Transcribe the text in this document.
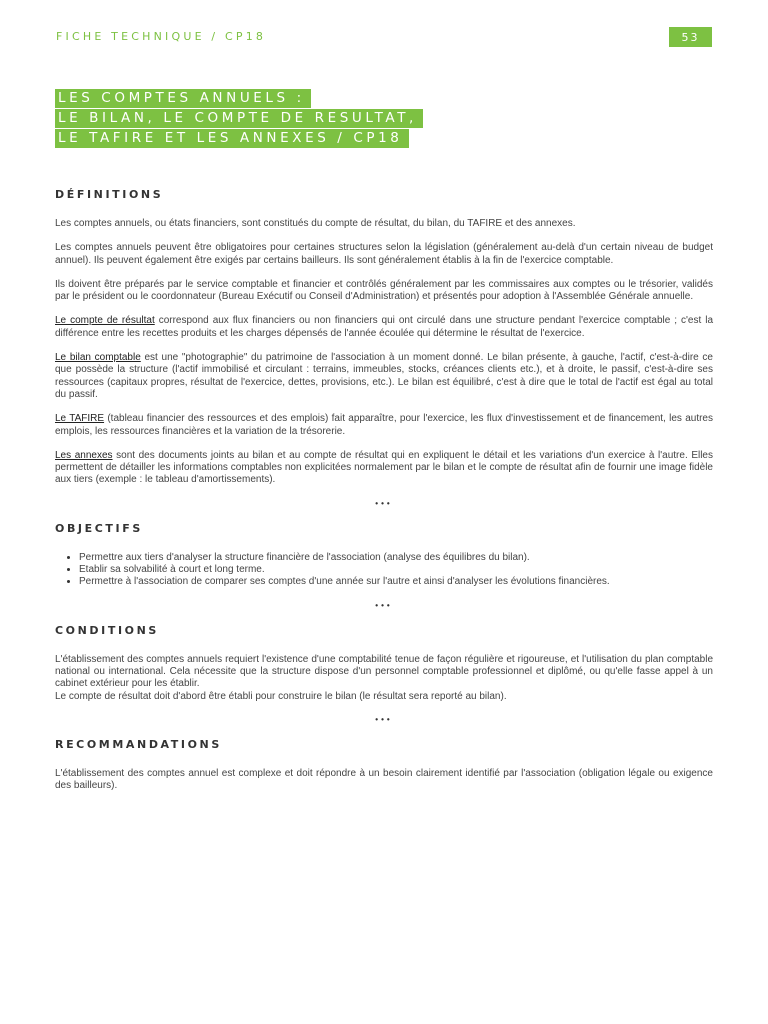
FICHE TECHNIQUE / CP18	53
LES COMPTES ANNUELS :
LE BILAN, LE COMPTE DE RESULTAT,
LE TAFIRE ET LES ANNEXES / CP18
DÉFINITIONS

Les comptes annuels, ou états financiers, sont constitués du compte de résultat, du bilan, du TAFIRE et des annexes.

Les comptes annuels peuvent être obligatoires pour certaines structures selon la législation (généralement au-delà d'un certain niveau de budget annuel). Ils peuvent également être exigés par certains bailleurs. Ils sont généralement établis à la fin de l'exercice comptable.

Ils doivent être préparés par le service comptable et financier et contrôlés généralement par les commissaires aux comptes ou le trésorier, validés par le président ou le coordonnateur (Bureau Exécutif ou Conseil d'Administration) et présentés pour adoption à l'Assemblée Générale annuelle.

Le compte de résultat correspond aux flux financiers ou non financiers qui ont circulé dans une structure pendant l'exercice comptable ; c'est la différence entre les recettes produits et les charges dépensés de l'année écoulée qui détermine le résultat de l'exercice.

Le bilan comptable est une "photographie" du patrimoine de l'association à un moment donné. Le bilan présente, à gauche, l'actif, c'est-à-dire ce que possède la structure (l'actif immobilisé et circulant : terrains, immeubles, stocks, créances clients etc.), et à droite, le passif, c'est-à-dire ses ressources (capitaux propres, résultat de l'exercice, dettes, provisions, etc.). Le bilan est équilibré, c'est à dire que le total de l'actif est égal au total du passif.

Le TAFIRE (tableau financier des ressources et des emplois) fait apparaître, pour l'exercice, les flux d'investissement et de financement, les autres emplois, les ressources financières et la variation de la trésorerie.

Les annexes sont des documents joints au bilan et au compte de résultat qui en expliquent le détail et les variations d'un exercice à l'autre. Elles permettent de détailler les informations comptables non explicitées normalement par le bilan et le compte de résultat afin de fournir une image fidèle aux tiers (exemple : le tableau d'amortissements).

•••
OBJECTIFS
• Permettre aux tiers d'analyser la structure financière de l'association (analyse des équilibres du bilan).
• Etablir sa solvabilité à court et long terme.
• Permettre à l'association de comparer ses comptes d'une année sur l'autre et ainsi d'analyser les évolutions financières.
•••
CONDITIONS

L'établissement des comptes annuels requiert l'existence d'une comptabilité tenue de façon régulière et rigoureuse, et l'utilisation du plan comptable national ou international. Cela nécessite que la structure dispose d'un personnel comptable professionnel et diplômé, ou qu'elle fasse appel à un cabinet extérieur pour les établir.

Le compte de résultat doit d'abord être établi pour construire le bilan (le résultat sera reporté au bilan).

•••
RECOMMANDATIONS

L'établissement des comptes annuel est complexe et doit répondre à un besoin clairement identifié par l'association (obligation légale ou exigence des bailleurs).
